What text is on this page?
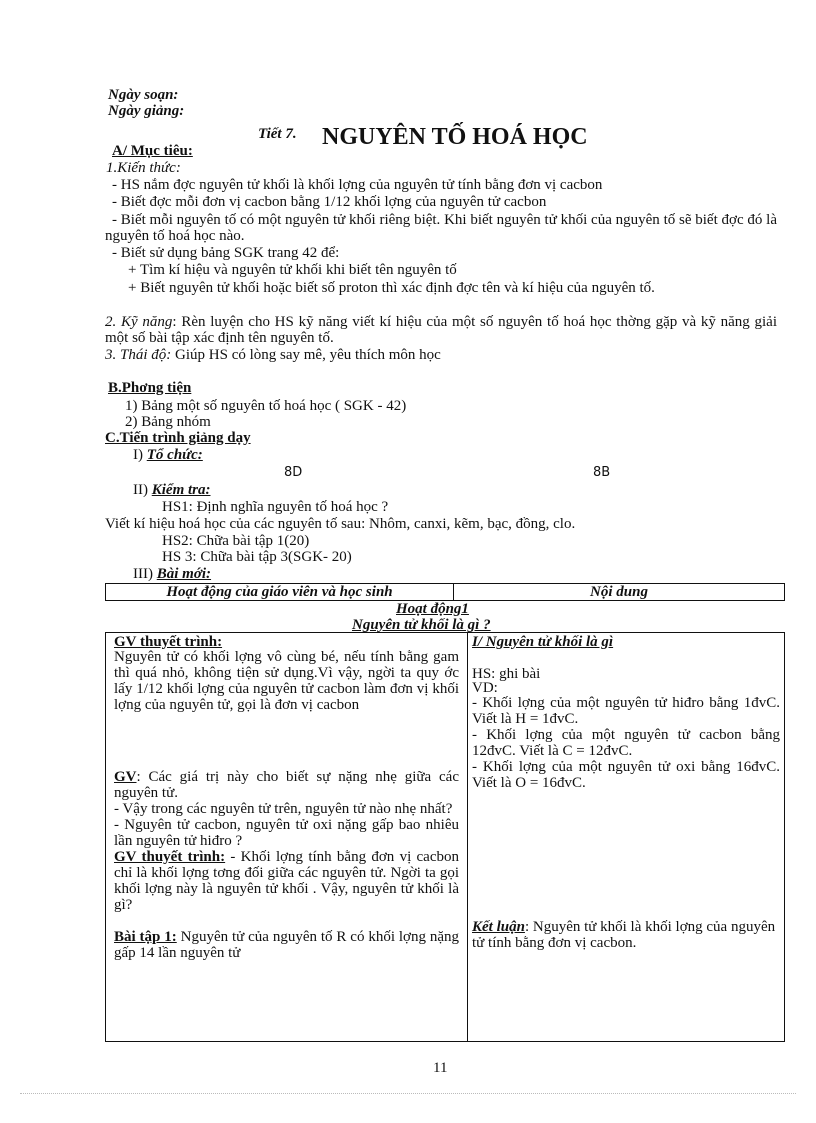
Ngày soạn:
Ngày giảng:
Tiết 7. NGUYÊN TỐ HOÁ HỌC
A/ Mục tiêu:
1.Kiến thức:
- HS nắm đợc nguyên tử khối là khối lợng của nguyên tử tính bằng đơn vị cacbon
- Biết đợc mỗi đơn vị cacbon bằng 1/12 khối lợng của nguyên tử cacbon
- Biết mỗi nguyên tố có một nguyên tử khối riêng biệt. Khi biết nguyên tử khối của nguyên tố sẽ biết đợc đó là nguyên tố hoá học nào.
- Biết sử dụng bảng SGK trang 42 để:
+ Tìm kí hiệu và nguyên tử khối khi biết tên nguyên tố
+ Biết nguyên tử khối hoặc biết số proton thì xác định đợc tên và kí hiệu của nguyên tố.
2. Kỹ năng: Rèn luyện cho HS kỹ năng viết kí hiệu của một số nguyên tố hoá học thờng gặp và kỹ năng giải một số bài tập xác định tên nguyên tố.
3. Thái độ: Giúp HS có lòng say mê, yêu thích môn học
B.Phơng tiện
1) Bảng một số nguyên tố hoá học ( SGK - 42)
2) Bảng nhóm
C.Tiến trình giảng dạy
I) Tổ chức:
8D	8B
II) Kiểm tra:
HS1: Định nghĩa nguyên tố hoá học ?
Viết kí hiệu hoá học của các nguyên tố sau: Nhôm, canxi, kẽm, bạc, đồng, clo.
HS2: Chữa bài tập 1(20)
HS 3: Chữa bài tập 3(SGK- 20)
III) Bài mới:
Hoạt động của giáo viên và học sinh	Nội dung
Hoạt động1
Nguyên tử khối là gì ?
GV thuyết trình:
Nguyên tử có khối lợng vô cùng bé, nếu tính bằng gam thì quá nhỏ, không tiện sử dụng.Vì vậy, ngời ta quy ớc lấy 1/12 khối lợng của nguyên tử cacbon làm đơn vị khối lợng của nguyên tử, gọi là đơn vị cacbon
GV: Các giá trị này cho biết sự nặng nhẹ giữa các nguyên tử.
- Vậy trong các nguyên tử trên, nguyên tử nào nhẹ nhất?
- Nguyên tử cacbon, nguyên tử oxi nặng gấp bao nhiêu lần nguyên tử hiđro ?
GV thuyết trình: - Khối lợng tính bằng đơn vị cacbon chỉ là khối lợng tơng đối giữa các nguyên tử. Ngời ta gọi khối lợng này là nguyên tử khối . Vậy, nguyên tử khối là gì?
Bài tập 1: Nguyên tử của nguyên tố R có khối lợng nặng gấp 14 lần nguyên tử

I/ Nguyên tử khối là gì
HS: ghi bài
VD:
- Khối lợng của một nguyên tử hiđro bằng 1đvC. Viết là H = 1đvC.
- Khối lợng của một nguyên tử cacbon bằng 12đvC. Viết là C = 12đvC.
- Khối lợng của một nguyên tử oxi bằng 16đvC. Viết là O = 16đvC.
Kết luận: Nguyên tử khối là khối lợng của nguyên tử tính bằng đơn vị cacbon.
11
